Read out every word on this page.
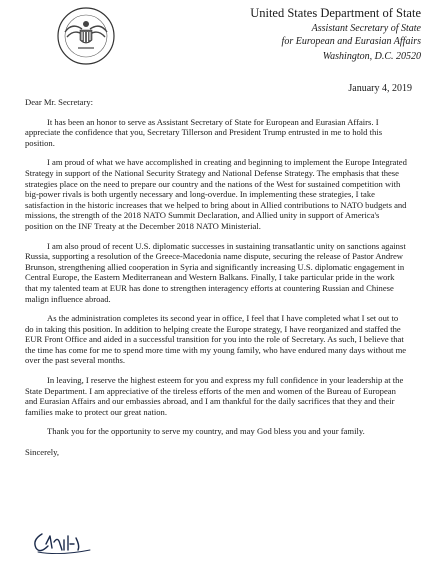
United States Department of State
Assistant Secretary of State
for European and Eurasian Affairs
Washington, D.C. 20520
January 4, 2019

Dear Mr. Secretary:

It has been an honor to serve as Assistant Secretary of State for European and Eurasian Affairs. I appreciate the confidence that you, Secretary Tillerson and President Trump entrusted in me to hold this position.

I am proud of what we have accomplished in creating and beginning to implement the Europe Integrated Strategy in support of the National Security Strategy and National Defense Strategy. The emphasis that these strategies place on the need to prepare our country and the nations of the West for sustained competition with big-power rivals is both urgently necessary and long-overdue. In implementing these strategies, I take satisfaction in the historic increases that we helped to bring about in Allied contributions to NATO budgets and missions, the strength of the 2018 NATO Summit Declaration, and Allied unity in support of America's position on the INF Treaty at the December 2018 NATO Ministerial.

I am also proud of recent U.S. diplomatic successes in sustaining transatlantic unity on sanctions against Russia, supporting a resolution of the Greece-Macedonia name dispute, securing the release of Pastor Andrew Brunson, strengthening allied cooperation in Syria and significantly increasing U.S. diplomatic engagement in Central Europe, the Eastern Mediterranean and Western Balkans. Finally, I take particular pride in the work that my talented team at EUR has done to strengthen interagency efforts at countering Russian and Chinese malign influence abroad.

As the administration completes its second year in office, I feel that I have completed what I set out to do in taking this position. In addition to helping create the Europe strategy, I have reorganized and staffed the EUR Front Office and aided in a successful transition for you into the role of Secretary. As such, I believe that the time has come for me to spend more time with my young family, who have endured many days without me over the past several months.

In leaving, I reserve the highest esteem for you and express my full confidence in your leadership at the State Department. I am appreciative of the tireless efforts of the men and women of the Bureau of European and Eurasian Affairs and our embassies abroad, and I am thankful for the daily sacrifices that they and their families make to protect our great nation.

Thank you for the opportunity to serve my country, and may God bless you and your family.

Sincerely,
